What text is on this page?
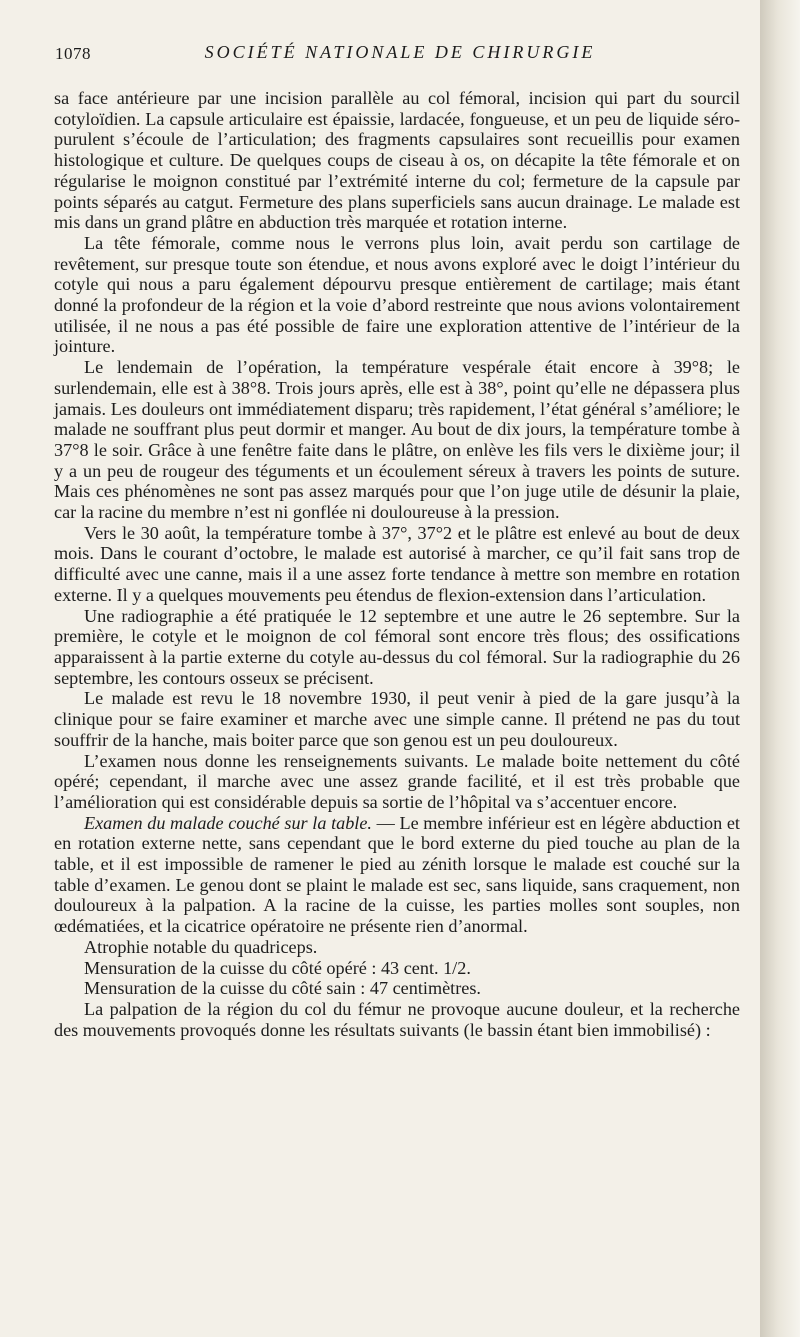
1078	SOCIÉTÉ NATIONALE DE CHIRURGIE

sa face antérieure par une incision parallèle au col fémoral, incision qui part du sourcil cotyloïdien. La capsule articulaire est épaissie, lardacée, fongueuse, et un peu de liquide séro-purulent s’écoule de l’articulation; des fragments capsulaires sont recueillis pour examen histologique et culture. De quelques coups de ciseau à os, on décapite la tête fémorale et on régularise le moignon constitué par l’extrémité interne du col; fermeture de la capsule par points séparés au catgut. Fermeture des plans superficiels sans aucun drainage. Le malade est mis dans un grand plâtre en abduction très marquée et rotation interne.

La tête fémorale, comme nous le verrons plus loin, avait perdu son cartilage de revêtement, sur presque toute son étendue, et nous avons exploré avec le doigt l’intérieur du cotyle qui nous a paru également dépourvu presque entièrement de cartilage; mais étant donné la profondeur de la région et la voie d’abord restreinte que nous avions volontairement utilisée, il ne nous a pas été possible de faire une exploration attentive de l’intérieur de la jointure.

Le lendemain de l’opération, la température vespérale était encore à 39°8; le surlendemain, elle est à 38°8. Trois jours après, elle est à 38°, point qu’elle ne dépassera plus jamais. Les douleurs ont immédiatement disparu; très rapidement, l’état général s’améliore; le malade ne souffrant plus peut dormir et manger. Au bout de dix jours, la température tombe à 37°8 le soir. Grâce à une fenêtre faite dans le plâtre, on enlève les fils vers le dixième jour; il y a un peu de rougeur des téguments et un écoulement séreux à travers les points de suture. Mais ces phénomènes ne sont pas assez marqués pour que l’on juge utile de désunir la plaie, car la racine du membre n’est ni gonflée ni douloureuse à la pression.

Vers le 30 août, la température tombe à 37°, 37°2 et le plâtre est enlevé au bout de deux mois. Dans le courant d’octobre, le malade est autorisé à marcher, ce qu’il fait sans trop de difficulté avec une canne, mais il a une assez forte tendance à mettre son membre en rotation externe. Il y a quelques mouvements peu étendus de flexion-extension dans l’articulation.

Une radiographie a été pratiquée le 12 septembre et une autre le 26 septembre. Sur la première, le cotyle et le moignon de col fémoral sont encore très flous; des ossifications apparaissent à la partie externe du cotyle au-dessus du col fémoral. Sur la radiographie du 26 septembre, les contours osseux se précisent.

Le malade est revu le 18 novembre 1930, il peut venir à pied de la gare jusqu’à la clinique pour se faire examiner et marche avec une simple canne. Il prétend ne pas du tout souffrir de la hanche, mais boiter parce que son genou est un peu douloureux.

L’examen nous donne les renseignements suivants. Le malade boite nettement du côté opéré; cependant, il marche avec une assez grande facilité, et il est très probable que l’amélioration qui est considérable depuis sa sortie de l’hôpital va s’accentuer encore.

Examen du malade couché sur la table. — Le membre inférieur est en légère abduction et en rotation externe nette, sans cependant que le bord externe du pied touche au plan de la table, et il est impossible de ramener le pied au zénith lorsque le malade est couché sur la table d’examen. Le genou dont se plaint le malade est sec, sans liquide, sans craquement, non douloureux à la palpation. A la racine de la cuisse, les parties molles sont souples, non œdématiées, et la cicatrice opératoire ne présente rien d’anormal.

Atrophie notable du quadriceps.

Mensuration de la cuisse du côté opéré : 43 cent. 1/2.

Mensuration de la cuisse du côté sain : 47 centimètres.

La palpation de la région du col du fémur ne provoque aucune douleur, et la recherche des mouvements provoqués donne les résultats suivants (le bassin étant bien immobilisé) :
